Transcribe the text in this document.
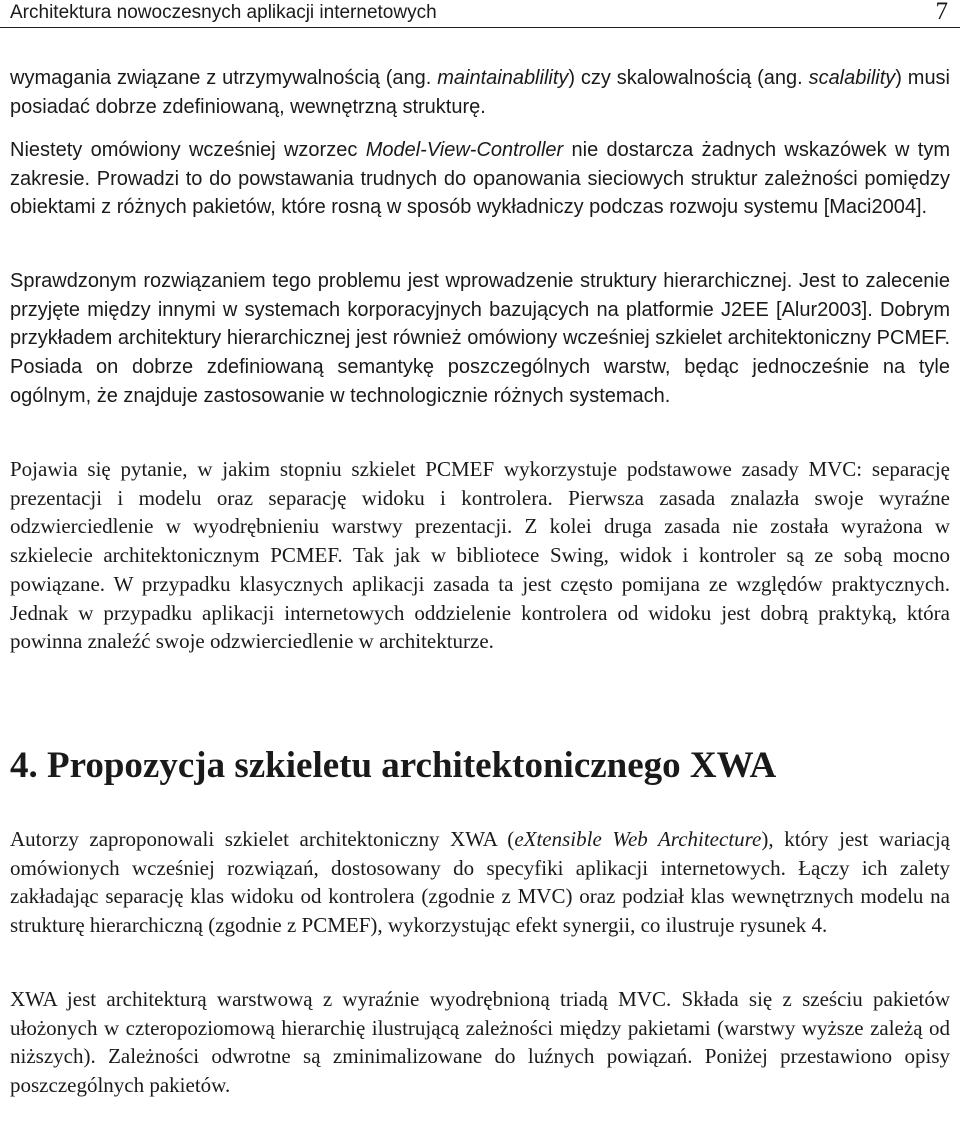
Architektura nowoczesnych aplikacji internetowych	7

wymagania związane z utrzymywalnością (ang. maintainablility) czy skalowalnością (ang. scalability) musi posiadać dobrze zdefiniowaną, wewnętrzną strukturę.

Niestety omówiony wcześniej wzorzec Model-View-Controller nie dostarcza żadnych wskazówek w tym zakresie. Prowadzi to do powstawania trudnych do opanowania sieciowych struktur zależności pomiędzy obiektami z różnych pakietów, które rosną w sposób wykładniczy podczas rozwoju systemu [Maci2004].

Sprawdzonym rozwiązaniem tego problemu jest wprowadzenie struktury hierarchicznej. Jest to zalecenie przyjęte między innymi w systemach korporacyjnych bazujących na platformie J2EE [Alur2003]. Dobrym przykładem architektury hierarchicznej jest również omówiony wcześniej szkielet architektoniczny PCMEF. Posiada on dobrze zdefiniowaną semantykę poszczególnych warstw, będąc jednocześnie na tyle ogólnym, że znajduje zastosowanie w technologicznie różnych systemach.

Pojawia się pytanie, w jakim stopniu szkielet PCMEF wykorzystuje podstawowe zasady MVC: separację prezentacji i modelu oraz separację widoku i kontrolera. Pierwsza zasada znalazła swoje wyraźne odzwierciedlenie w wyodrębnieniu warstwy prezentacji. Z kolei druga zasada nie została wyrażona w szkielecie architektonicznym PCMEF. Tak jak w bibliotece Swing, widok i kontroler są ze sobą mocno powiązane. W przypadku klasycznych aplikacji zasada ta jest często pomijana ze względów praktycznych. Jednak w przypadku aplikacji internetowych oddzielenie kontrolera od widoku jest dobrą praktyką, która powinna znaleźć swoje odzwierciedlenie w architekturze.

4. Propozycja szkieletu architektonicznego XWA

Autorzy zaproponowali szkielet architektoniczny XWA (eXtensible Web Architecture), który jest wariacją omówionych wcześniej rozwiązań, dostosowany do specyfiki aplikacji internetowych. Łączy ich zalety zakładając separację klas widoku od kontrolera (zgodnie z MVC) oraz podział klas wewnętrznych modelu na strukturę hierarchiczną (zgodnie z PCMEF), wykorzystując efekt synergii, co ilustruje rysunek 4.

XWA jest architekturą warstwową z wyraźnie wyodrębnioną triadą MVC. Składa się z sześciu pakietów ułożonych w czteropoziomową hierarchię ilustrującą zależności między pakietami (warstwy wyższe zależą od niższych). Zależności odwrotne są zminimalizowane do luźnych powiązań. Poniżej przestawiono opisy poszczególnych pakietów.
